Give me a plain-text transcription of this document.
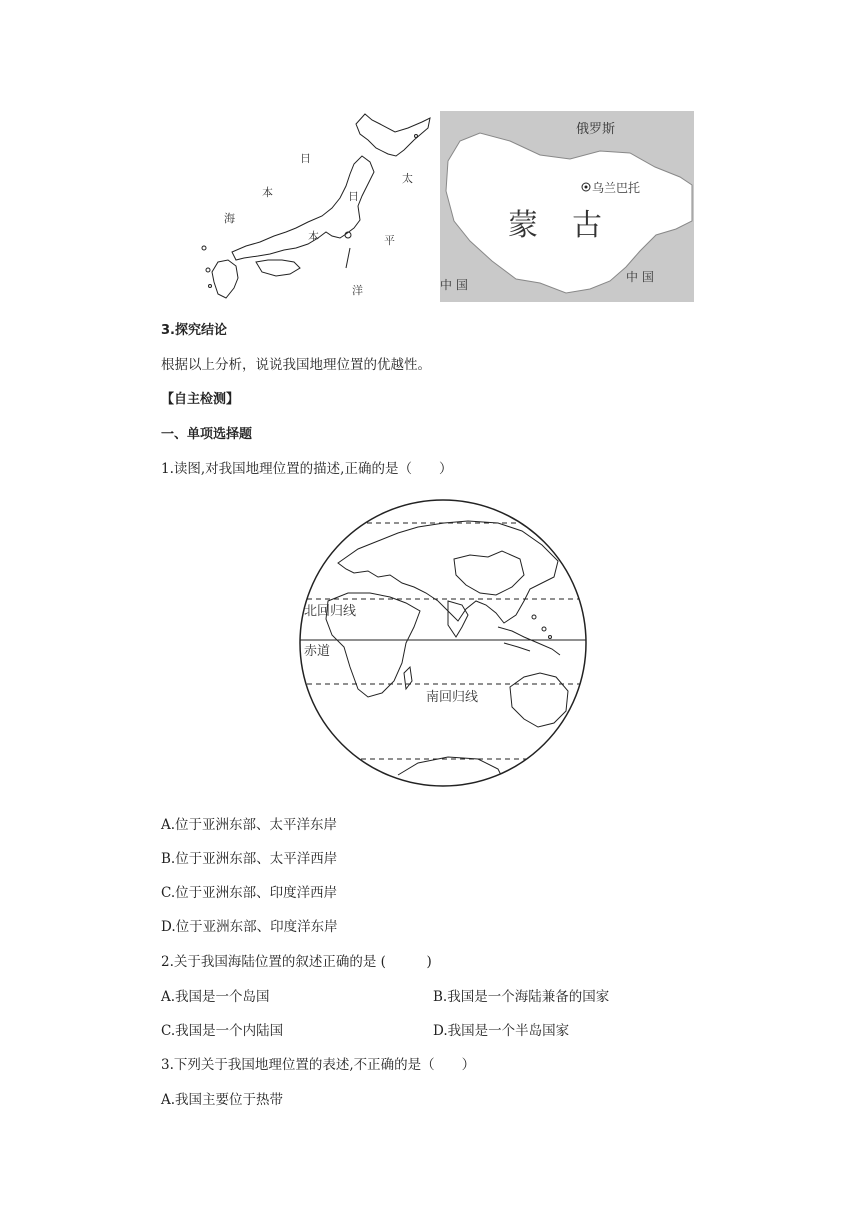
日
本
海
太
日
本	平
洋
俄罗斯
乌兰巴托
蒙 古
中 国
中 国
3.探究结论
根据以上分析，说说我国地理位置的优越性。
【自主检测】
一、单项选择题
1.读图,对我国地理位置的描述,正确的是（　　）
北回归线
赤道
南回归线
A.位于亚洲东部、太平洋东岸
B.位于亚洲东部、太平洋西岸
C.位于亚洲东部、印度洋西岸
D.位于亚洲东部、印度洋东岸
2.关于我国海陆位置的叙述正确的是 (　　　)
A.我国是一个岛国	B.我国是一个海陆兼备的国家
C.我国是一个内陆国	D.我国是一个半岛国家
3.下列关于我国地理位置的表述,不正确的是（　　）
A.我国主要位于热带
